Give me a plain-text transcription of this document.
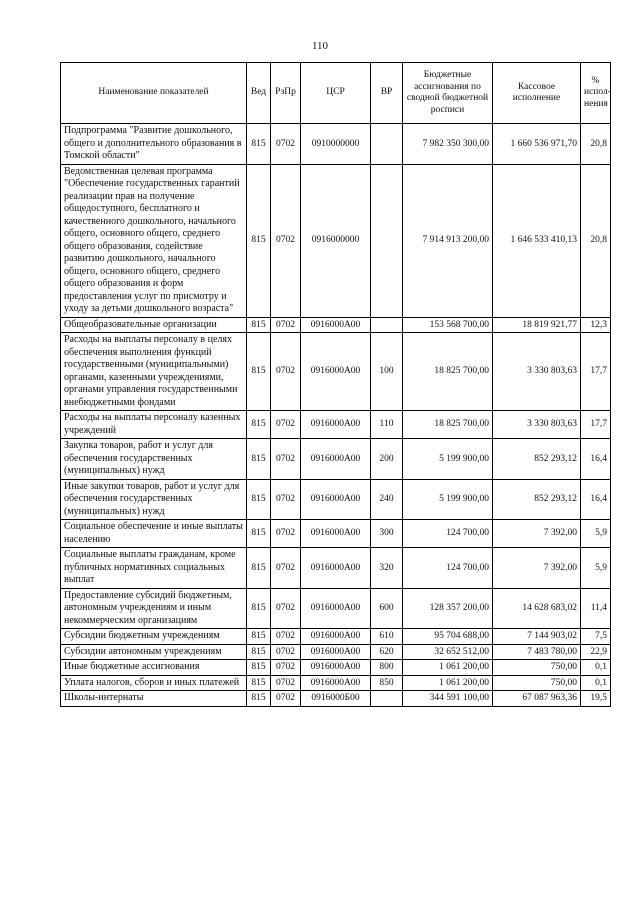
110
Наименование показателей	Вед	РзПр	ЦСР	ВР	Бюджетные ассигнования по сводной бюджетной росписи	Кассовое исполнение	% испол-нения
Подпрограмма "Развитие дошкольного, общего и дополнительного образования в Томской области"	815	0702	0910000000		7 982 350 300,00	1 660 536 971,70	20,8
Ведомственная целевая программа "Обеспечение государственных гарантий реализации прав на получение общедоступного, бесплатного и качественного дошкольного, начального общего, основного общего, среднего общего образования, содействие развитию дошкольного, начального общего, основного общего, среднего общего образования и форм предоставления услуг по присмотру и уходу за детьми дошкольного возраста"	815	0702	0916000000		7 914 913 200,00	1 646 533 410,13	20,8
Общеобразовательные организации	815	0702	0916000A00		153 568 700,00	18 819 921,77	12,3
Расходы на выплаты персоналу в целях обеспечения выполнения функций государственными (муниципальными) органами, казенными учреждениями, органами управления государственными внебюджетными фондами	815	0702	0916000A00	100	18 825 700,00	3 330 803,63	17,7
Расходы на выплаты персоналу казенных учреждений	815	0702	0916000A00	110	18 825 700,00	3 330 803,63	17,7
Закупка товаров, работ и услуг для обеспечения государственных (муниципальных) нужд	815	0702	0916000A00	200	5 199 900,00	852 293,12	16,4
Иные закупки товаров, работ и услуг для обеспечения государственных (муниципальных) нужд	815	0702	0916000A00	240	5 199 900,00	852 293,12	16,4
Социальное обеспечение и иные выплаты населению	815	0702	0916000A00	300	124 700,00	7 392,00	5,9
Социальные выплаты гражданам, кроме публичных нормативных социальных выплат	815	0702	0916000A00	320	124 700,00	7 392,00	5,9
Предоставление субсидий бюджетным, автономным учреждениям и иным некоммерческим организациям	815	0702	0916000A00	600	128 357 200,00	14 628 683,02	11,4
Субсидии бюджетным учреждениям	815	0702	0916000A00	610	95 704 688,00	7 144 903,02	7,5
Субсидии автономным учреждениям	815	0702	0916000A00	620	32 652 512,00	7 483 780,00	22,9
Иные бюджетные ассигнования	815	0702	0916000A00	800	1 061 200,00	750,00	0,1
Уплата налогов, сборов и иных платежей	815	0702	0916000A00	850	1 061 200,00	750,00	0,1
Школы-интернаты	815	0702	0916000Б00		344 591 100,00	67 087 963,36	19,5
